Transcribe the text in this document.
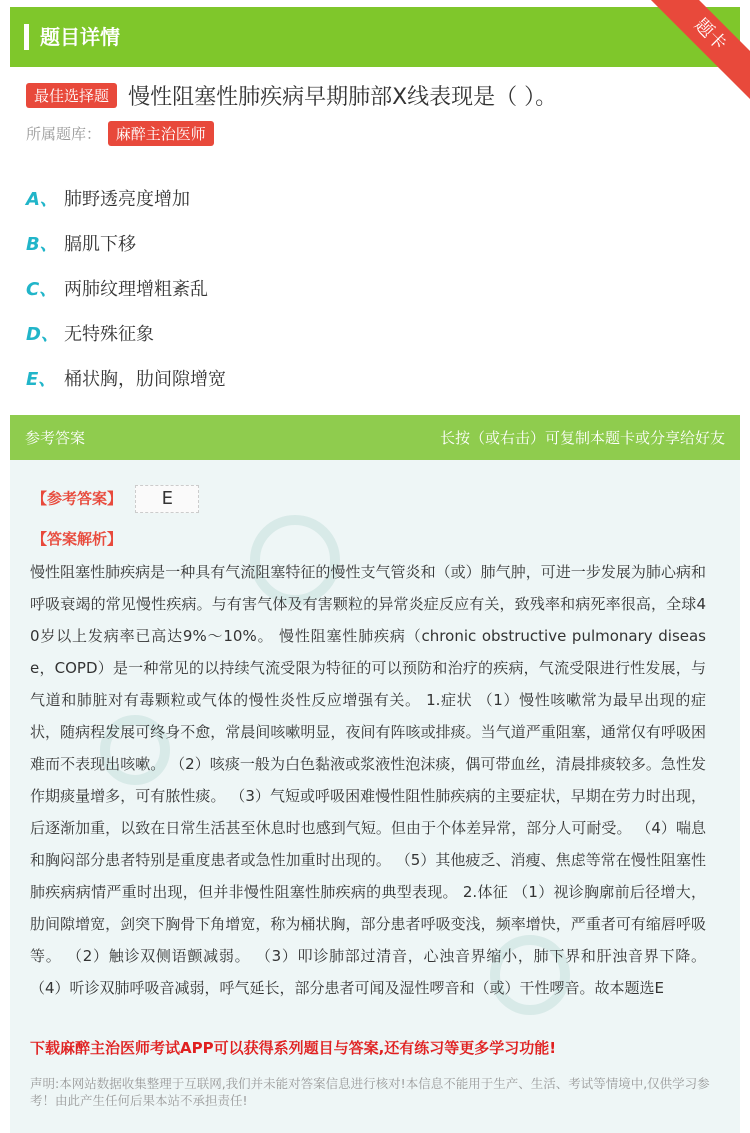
题目详情	题卡
最佳选择题 慢性阻塞性肺疾病早期肺部X线表现是（ ）。
所属题库： 麻醉主治医师
A、 肺野透亮度增加
B、 膈肌下移
C、 两肺纹理增粗紊乱
D、 无特殊征象
E、 桶状胸，肋间隙增宽
参考答案	长按（或右击）可复制本题卡或分享给好友
【参考答案】 E
【答案解析】
慢性阻塞性肺疾病是一种具有气流阻塞特征的慢性支气管炎和（或）肺气肿，可进一步发展为肺心病和呼吸衰竭的常见慢性疾病。与有害气体及有害颗粒的异常炎症反应有关，致残率和病死率很高，全球40岁以上发病率已高达9%～10%。 慢性阻塞性肺疾病（chronic obstructive pulmonary disease，COPD）是一种常见的以持续气流受限为特征的可以预防和治疗的疾病，气流受限进行性发展，与气道和肺脏对有毒颗粒或气体的慢性炎性反应增强有关。 1.症状 （1）慢性咳嗽常为最早出现的症状，随病程发展可终身不愈，常晨间咳嗽明显，夜间有阵咳或排痰。当气道严重阻塞，通常仅有呼吸困难而不表现出咳嗽。 （2）咳痰一般为白色黏液或浆液性泡沫痰，偶可带血丝，清晨排痰较多。急性发作期痰量增多，可有脓性痰。 （3）气短或呼吸困难慢性阻性肺疾病的主要症状，早期在劳力时出现，后逐渐加重，以致在日常生活甚至休息时也感到气短。但由于个体差异常，部分人可耐受。 （4）喘息和胸闷部分患者特别是重度患者或急性加重时出现的。 （5）其他疲乏、消瘦、焦虑等常在慢性阻塞性肺疾病病情严重时出现，但并非慢性阻塞性肺疾病的典型表现。 2.体征 （1）视诊胸廓前后径增大，肋间隙增宽，剑突下胸骨下角增宽，称为桶状胸，部分患者呼吸变浅，频率增快，严重者可有缩唇呼吸等。 （2）触诊双侧语颤减弱。 （3）叩诊肺部过清音，心浊音界缩小，肺下界和肝浊音界下降。 （4）听诊双肺呼吸音减弱，呼气延长，部分患者可闻及湿性啰音和（或）干性啰音。故本题选E
下载麻醉主治医师考试APP可以获得系列题目与答案,还有练习等更多学习功能!
声明:本网站数据收集整理于互联网,我们并未能对答案信息进行核对!本信息不能用于生产、生活、考试等情境中,仅供学习参考！由此产生任何后果本站不承担责任!
